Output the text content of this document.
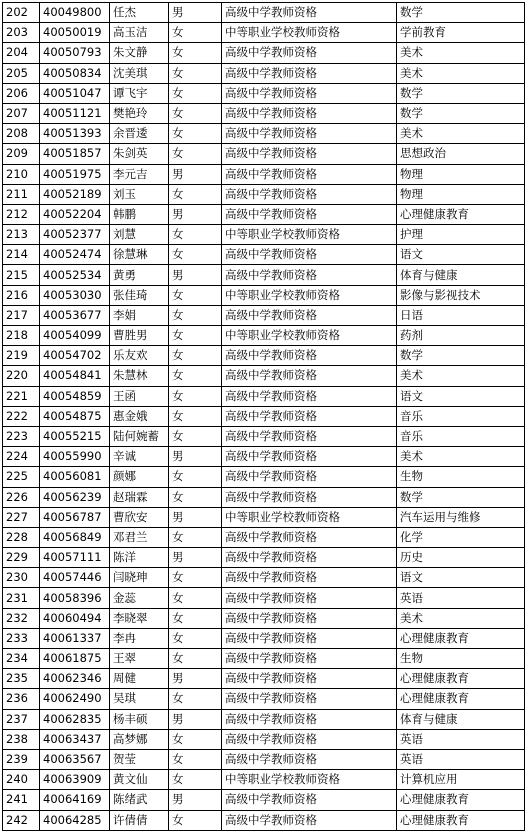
202	40049800	任杰	男	高级中学教师资格	数学
203	40050019	高玉洁	女	中等职业学校教师资格	学前教育
204	40050793	朱文静	女	高级中学教师资格	美术
205	40050834	沈美琪	女	高级中学教师资格	美术
206	40051047	谭飞宇	女	高级中学教师资格	数学
207	40051121	樊艳玲	女	高级中学教师资格	数学
208	40051393	余晋逶	女	高级中学教师资格	美术
209	40051857	朱剑英	女	高级中学教师资格	思想政治
210	40051975	李元吉	男	高级中学教师资格	物理
211	40052189	刘玉	女	高级中学教师资格	物理
212	40052204	韩鹏	男	高级中学教师资格	心理健康教育
213	40052377	刘慧	女	中等职业学校教师资格	护理
214	40052474	徐慧琳	女	高级中学教师资格	语文
215	40052534	黄勇	男	高级中学教师资格	体育与健康
216	40053030	张佳琦	女	中等职业学校教师资格	影像与影视技术
217	40053677	李娟	女	高级中学教师资格	日语
218	40054099	曹胜男	女	中等职业学校教师资格	药剂
219	40054702	乐友欢	女	高级中学教师资格	数学
220	40054841	朱慧林	女	高级中学教师资格	美术
221	40054859	王函	女	高级中学教师资格	语文
222	40054875	惠金娥	女	高级中学教师资格	音乐
223	40055215	陆何婉蓄	女	高级中学教师资格	音乐
224	40055990	辛诚	男	高级中学教师资格	美术
225	40056081	颜娜	女	高级中学教师资格	生物
226	40056239	赵瑞霖	女	高级中学教师资格	数学
227	40056787	曹欣安	男	中等职业学校教师资格	汽车运用与维修
228	40056849	邓君兰	女	高级中学教师资格	化学
229	40057111	陈洋	男	高级中学教师资格	历史
230	40057446	闫晓珅	女	高级中学教师资格	语文
231	40058396	金蕊	女	高级中学教师资格	英语
232	40060494	李晓翠	女	高级中学教师资格	美术
233	40061337	李冉	女	高级中学教师资格	心理健康教育
234	40061875	王翠	女	高级中学教师资格	生物
235	40062346	周健	男	高级中学教师资格	心理健康教育
236	40062490	吴琪	女	高级中学教师资格	心理健康教育
237	40062835	杨丰硕	男	高级中学教师资格	体育与健康
238	40063437	高梦娜	女	高级中学教师资格	英语
239	40063567	贺莹	女	高级中学教师资格	英语
240	40063909	黄文仙	女	中等职业学校教师资格	计算机应用
241	40064169	陈绪武	男	高级中学教师资格	心理健康教育
242	40064285	许倩倩	女	高级中学教师资格	心理健康教育
